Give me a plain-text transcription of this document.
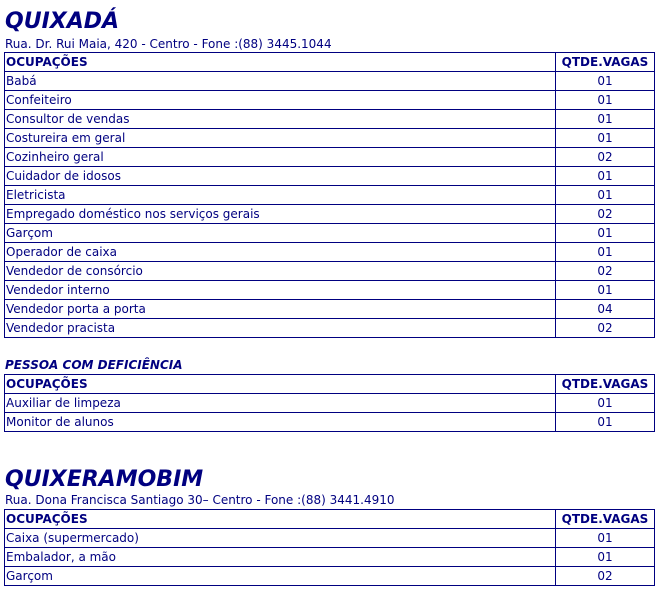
QUIXADÁ

Rua. Dr. Rui Maia, 420 - Centro - Fone :(88) 3445.1044

OCUPAÇÕES	QTDE.VAGAS
Babá	01
Confeiteiro	01
Consultor de vendas	01
Costureira em geral	01
Cozinheiro geral	02
Cuidador de idosos	01
Eletricista	01
Empregado doméstico nos serviços gerais	02
Garçom	01
Operador de caixa	01
Vendedor de consórcio	02
Vendedor interno	01
Vendedor porta a porta	04
Vendedor pracista	02

PESSOA COM DEFICIÊNCIA

OCUPAÇÕES	QTDE.VAGAS
Auxiliar de limpeza	01
Monitor de alunos	01
QUIXERAMOBIM

Rua. Dona Francisca Santiago 30– Centro - Fone :(88) 3441.4910

OCUPAÇÕES	QTDE.VAGAS
Caixa (supermercado)	01
Embalador, a mão	01
Garçom	02
